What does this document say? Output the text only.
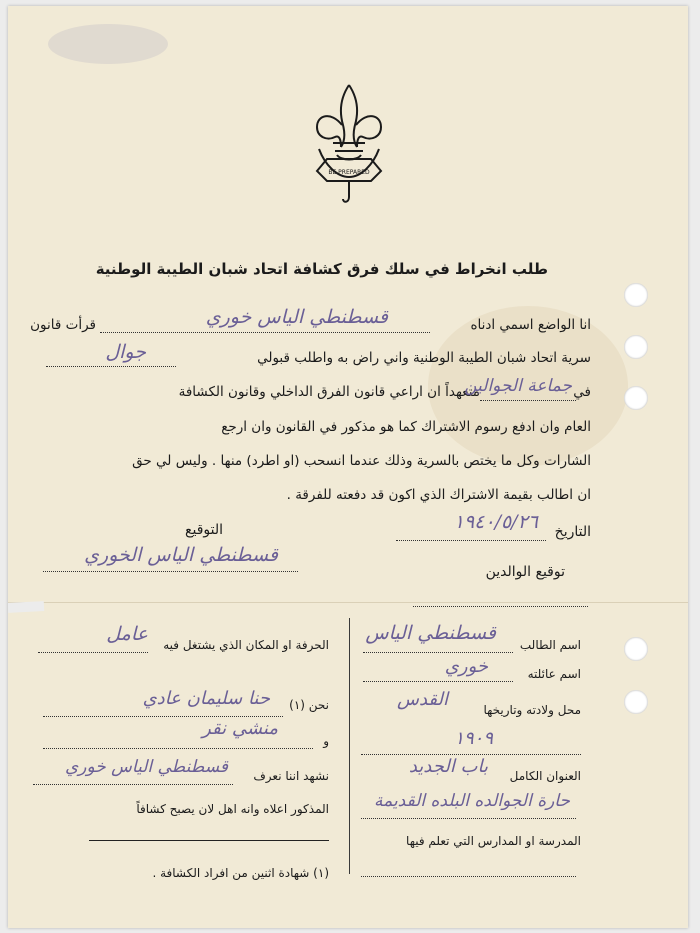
BE PREPARED
طلب انخراط في سلك فرق كشافة اتحاد شبان الطيبة الوطنية
انا الواضع اسمي ادناه
قرأت قانون	قسطنطي الياس خوري
سرية اتحاد شبان الطيبة الوطنية واني راض به واطلب قبولي
جوال
في
متعهداً ان اراعي قانون الفرق الداخلي وقانون الكشافة
جماعة الجوالين
العام وان ادفع رسوم الاشتراك كما هو مذكور في القانون وان ارجع
الشارات وكل ما يختص بالسرية وذلك عندما انسحب (او اطرد) منها . وليس لي حق
ان اطالب بقيمة الاشتراك الذي اكون قد دفعته للفرقة .
التاريخ
١٩٤٠/٥/٢٦
التوقيع
قسطنطي الياس الخوري
توقيع الوالدين
اسم الطالب
قسطنطي الياس
اسم عائلته
خوري
محل ولادته وتاريخها
القدس
١٩٠٩
العنوان الكامل
باب الجديد
حارة الجوالده البلده القديمة
المدرسة او المدارس التي تعلم فيها
الحرفة او المكان الذي يشتغل فيه
عامل
نحن (١)
حنا سليمان عادي
و
منشي نقر
نشهد اننا نعرف
قسطنطي الياس خوري
المذكور اعلاه وانه اهل لان يصبح كشافاً
(١) شهادة اثنين من افراد الكشافة .
